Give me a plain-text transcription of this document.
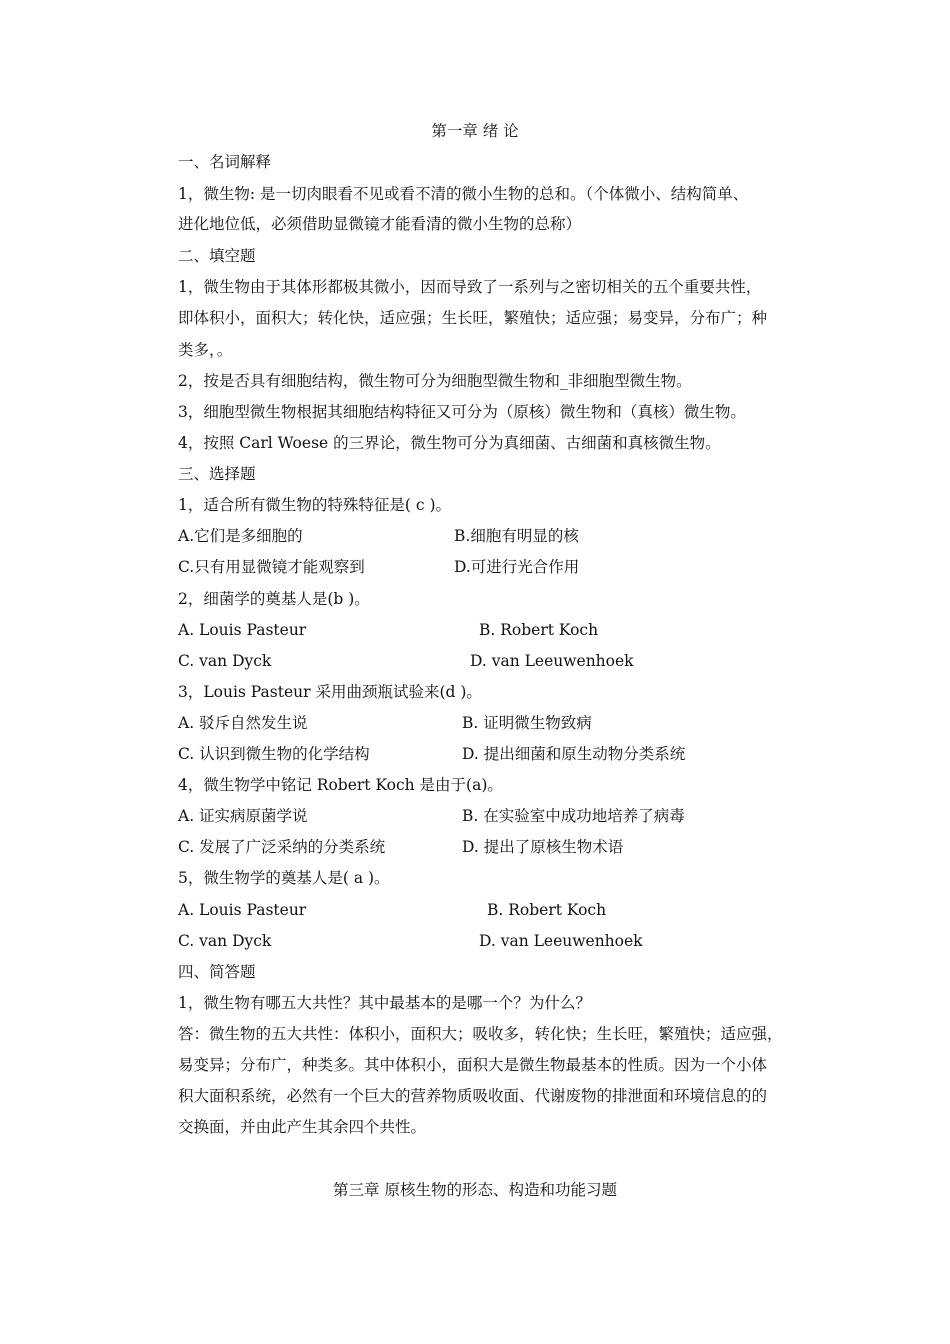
第一章 绪 论
一、名词解释
1，微生物: 是一切肉眼看不见或看不清的微小生物的总和。（个体微小、结构简单、
进化地位低，必须借助显微镜才能看清的微小生物的总称）
二、填空题
1，微生物由于其体形都极其微小，因而导致了一系列与之密切相关的五个重要共性，
即体积小，面积大；转化快，适应强；生长旺，繁殖快；适应强；易变异，分布广；种
类多，。
2，按是否具有细胞结构，微生物可分为细胞型微生物和_非细胞型微生物。
3，细胞型微生物根据其细胞结构特征又可分为（原核）微生物和（真核）微生物。
4，按照 Carl Woese 的三界论，微生物可分为真细菌、古细菌和真核微生物。
三、选择题
1，适合所有微生物的特殊特征是( c )。
A.它们是多细胞的	B.细胞有明显的核
C.只有用显微镜才能观察到	D.可进行光合作用
2，细菌学的奠基人是(b )。
A. Louis Pasteur	B. Robert Koch
C. van Dyck	D. van Leeuwenhoek
3，Louis Pasteur 采用曲颈瓶试验来(d )。
A. 驳斥自然发生说	B. 证明微生物致病
C. 认识到微生物的化学结构	D. 提出细菌和原生动物分类系统
4，微生物学中铭记 Robert Koch 是由于(a)。
A. 证实病原菌学说	B. 在实验室中成功地培养了病毒
C. 发展了广泛采纳的分类系统	D. 提出了原核生物术语
5，微生物学的奠基人是( a )。
A. Louis Pasteur	B. Robert Koch
C. van Dyck	D. van Leeuwenhoek
四、简答题
1，微生物有哪五大共性？其中最基本的是哪一个？为什么？
答：微生物的五大共性：体积小，面积大；吸收多，转化快；生长旺，繁殖快；适应强，
易变异；分布广，种类多。其中体积小，面积大是微生物最基本的性质。因为一个小体
积大面积系统，必然有一个巨大的营养物质吸收面、代谢废物的排泄面和环境信息的的
交换面，并由此产生其余四个共性。
第三章 原核生物的形态、构造和功能习题
